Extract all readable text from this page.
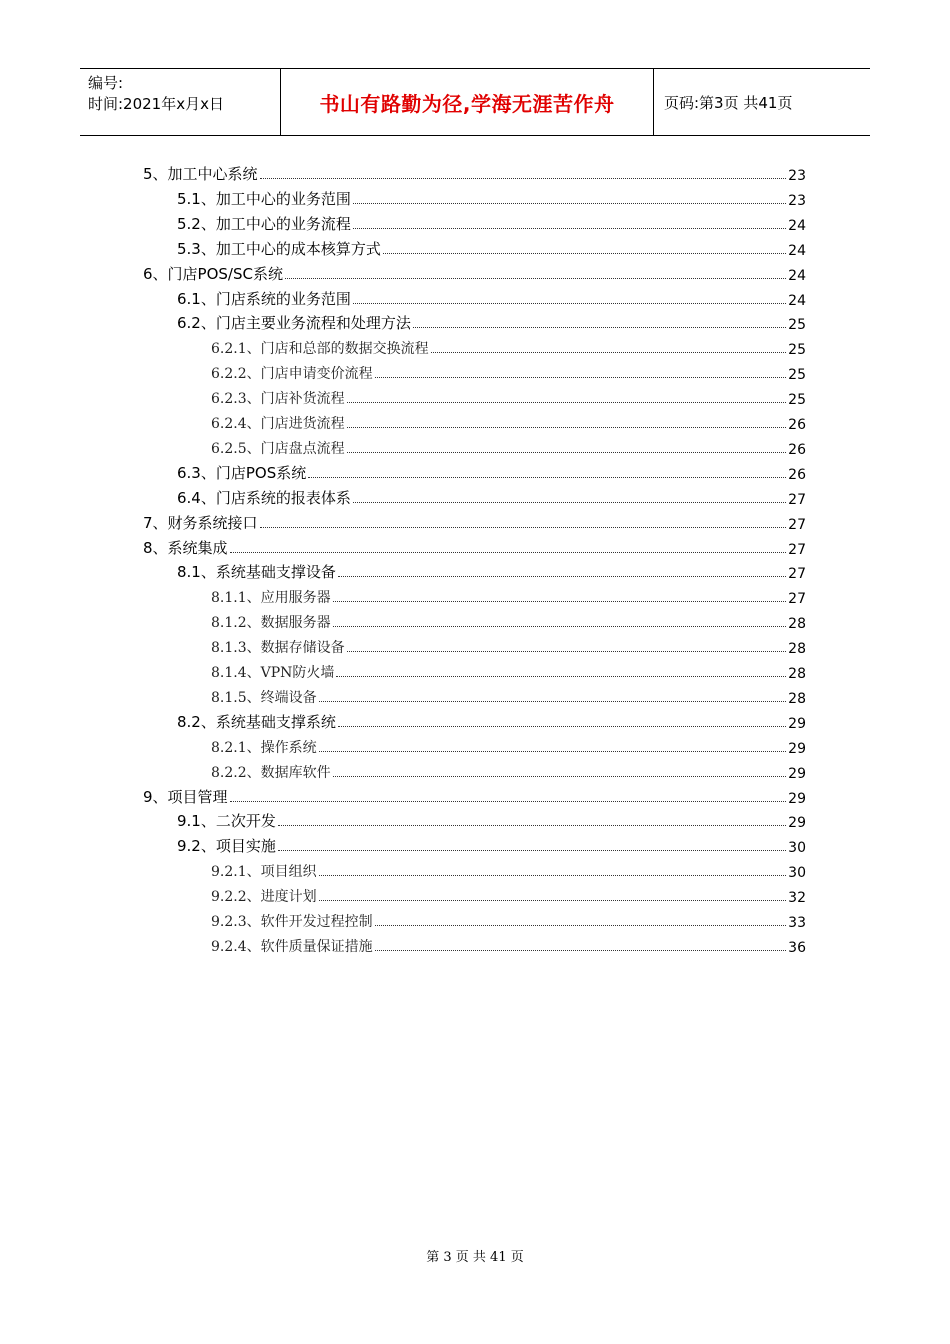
编号:
时间:2021年x月x日	书山有路勤为径,学海无涯苦作舟	页码:第3页 共41页
5、加工中心系统	23
5.1、加工中心的业务范围	23
5.2、加工中心的业务流程	24
5.3、加工中心的成本核算方式	24
6、门店POS/SC系统	24
6.1、门店系统的业务范围	24
6.2、门店主要业务流程和处理方法	25
6.2.1、门店和总部的数据交换流程	25
6.2.2、门店申请变价流程	25
6.2.3、门店补货流程	25
6.2.4、门店进货流程	26
6.2.5、门店盘点流程	26
6.3、门店POS系统	26
6.4、门店系统的报表体系	27
7、财务系统接口	27
8、系统集成	27
8.1、系统基础支撑设备	27
8.1.1、应用服务器	27
8.1.2、数据服务器	28
8.1.3、数据存储设备	28
8.1.4、VPN防火墙	28
8.1.5、终端设备	28
8.2、系统基础支撑系统	29
8.2.1、操作系统	29
8.2.2、数据库软件	29
9、项目管理	29
9.1、二次开发	29
9.2、项目实施	30
9.2.1、项目组织	30
9.2.2、进度计划	32
9.2.3、软件开发过程控制	33
9.2.4、软件质量保证措施	36
第 3 页 共 41 页
